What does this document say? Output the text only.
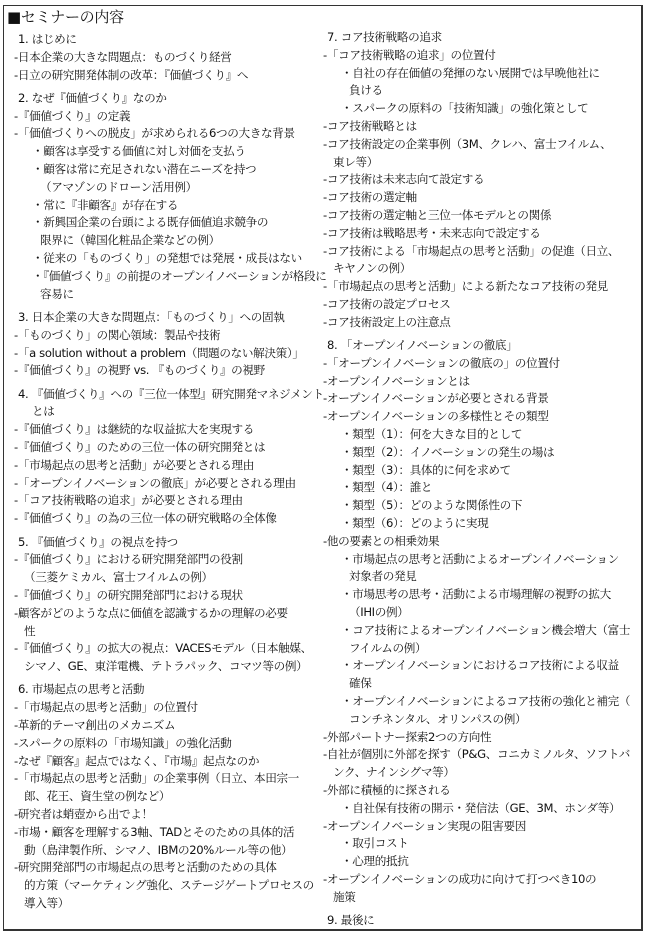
■セミナーの内容
1. はじめに
-日本企業の大きな問題点：ものづくり経営
-日立の研究開発体制の改革：『価値づくり』へ
2. なぜ『価値づくり』なのか
-『価値づくり』の定義
-「価値づくりへの脱皮」が求められる6つの大きな背景
・顧客は享受する価値に対し対価を支払う
・顧客は常に充足されない潜在ニーズを持つ
（アマゾンのドローン活用例）
・常に『非顧客』が存在する
・新興国企業の台頭による既存価値追求競争の
限界に（韓国化粧品企業などの例）
・従来の「ものづくり」の発想では発展・成長はない
・『価値づくり』の前提のオープンイノベーションが格段に
容易に
3. 日本企業の大きな問題点：「ものづくり」への固執
-「ものづくり」の関心領域：製品や技術
-「a solution without a problem（問題のない解決策）」
-『価値づくり』の視野 vs. 『ものづくり』の視野
4. 『価値づくり』への『三位一体型』研究開発マネジメント
とは
-『価値づくり』は継続的な収益拡大を実現する
-『価値づくり』のための三位一体の研究開発とは
-「市場起点の思考と活動」が必要とされる理由
-「オープンイノベーションの徹底」が必要とされる理由
-「コア技術戦略の追求」が必要とされる理由
-『価値づくり』の為の三位一体の研究戦略の全体像
5. 『価値づくり』の視点を持つ
-『価値づくり』における研究開発部門の役割
（三菱ケミカル、富士フイルムの例）
-『価値づくり』の研究開発部門における現状
-顧客がどのような点に価値を認識するかの理解の必要
性
-『価値づくり』の拡大の視点：VACESモデル（日本触媒、
シマノ、GE、東洋電機、テトラパック、コマツ等の例）
6. 市場起点の思考と活動
-「市場起点の思考と活動」の位置付
-革新的テーマ創出のメカニズム
-スパークの原料の「市場知識」の強化活動
-なぜ『顧客』起点ではなく、『市場』起点なのか
-「市場起点の思考と活動」の企業事例（日立、本田宗一
郎、花王、資生堂の例など）
-研究者は蛸壺から出でよ！
-市場・顧客を理解する3軸、TADとそのための具体的活
動（島津製作所、シマノ、IBMの20%ルール等の他）
-研究開発部門の市場起点の思考と活動のための具体
的方策（マーケティング強化、ステージゲートプロセスの
導入等）
7. コア技術戦略の追求
-「コア技術戦略の追求」の位置付
・自社の存在価値の発揮のない展開では早晩他社に
負ける
・スパークの原料の「技術知識」の強化策として
-コア技術戦略とは
-コア技術設定の企業事例（3M、クレハ、富士フイルム、
東レ等）
-コア技術は未来志向て設定する
-コア技術の選定軸
-コア技術の選定軸と三位一体モデルとの関係
-コア技術は戦略思考・未来志向で設定する
-コア技術による「市場起点の思考と活動」の促進（日立、
キヤノンの例）
-「市場起点の思考と活動」による新たなコア技術の発見
-コア技術の設定プロセス
-コア技術設定上の注意点
8. 「オープンイノベーションの徹底」
-「オープンイノベーションの徹底の」の位置付
-オープンイノベーションとは
-オープンイノベーションが必要とされる背景
-オープンイノベーションの多様性とその類型
・類型（1）：何を大きな目的として
・類型（2）：イノベーションの発生の場は
・類型（3）：具体的に何を求めて
・類型（4）：誰と
・類型（5）：どのような関係性の下
・類型（6）：どのように実現
-他の要素との相乗効果
・市場起点の思考と活動によるオープンイノベーション
対象者の発見
・市場思考の思考・活動による市場理解の視野の拡大
（IHIの例）
・コア技術によるオープンイノベーション機会増大（富士
フイルムの例）
・オープンイノベーションにおけるコア技術による収益
確保
・オープンイノベーションによるコア技術の強化と補完（
コンチネンタル、オリンパスの例）
-外部パートナー探索2つの方向性
-自社が個別に外部を探す（P&G、コニカミノルタ、ソフトバ
ンク、ナインシグマ等）
-外部に積極的に探される
・自社保有技術の開示・発信法（GE、3M、ホンダ等）
-オープンイノベーション実現の阻害要因
・取引コスト
・心理的抵抗
-オープンイノベーションの成功に向けて打つべき10の
施策
9. 最後に
